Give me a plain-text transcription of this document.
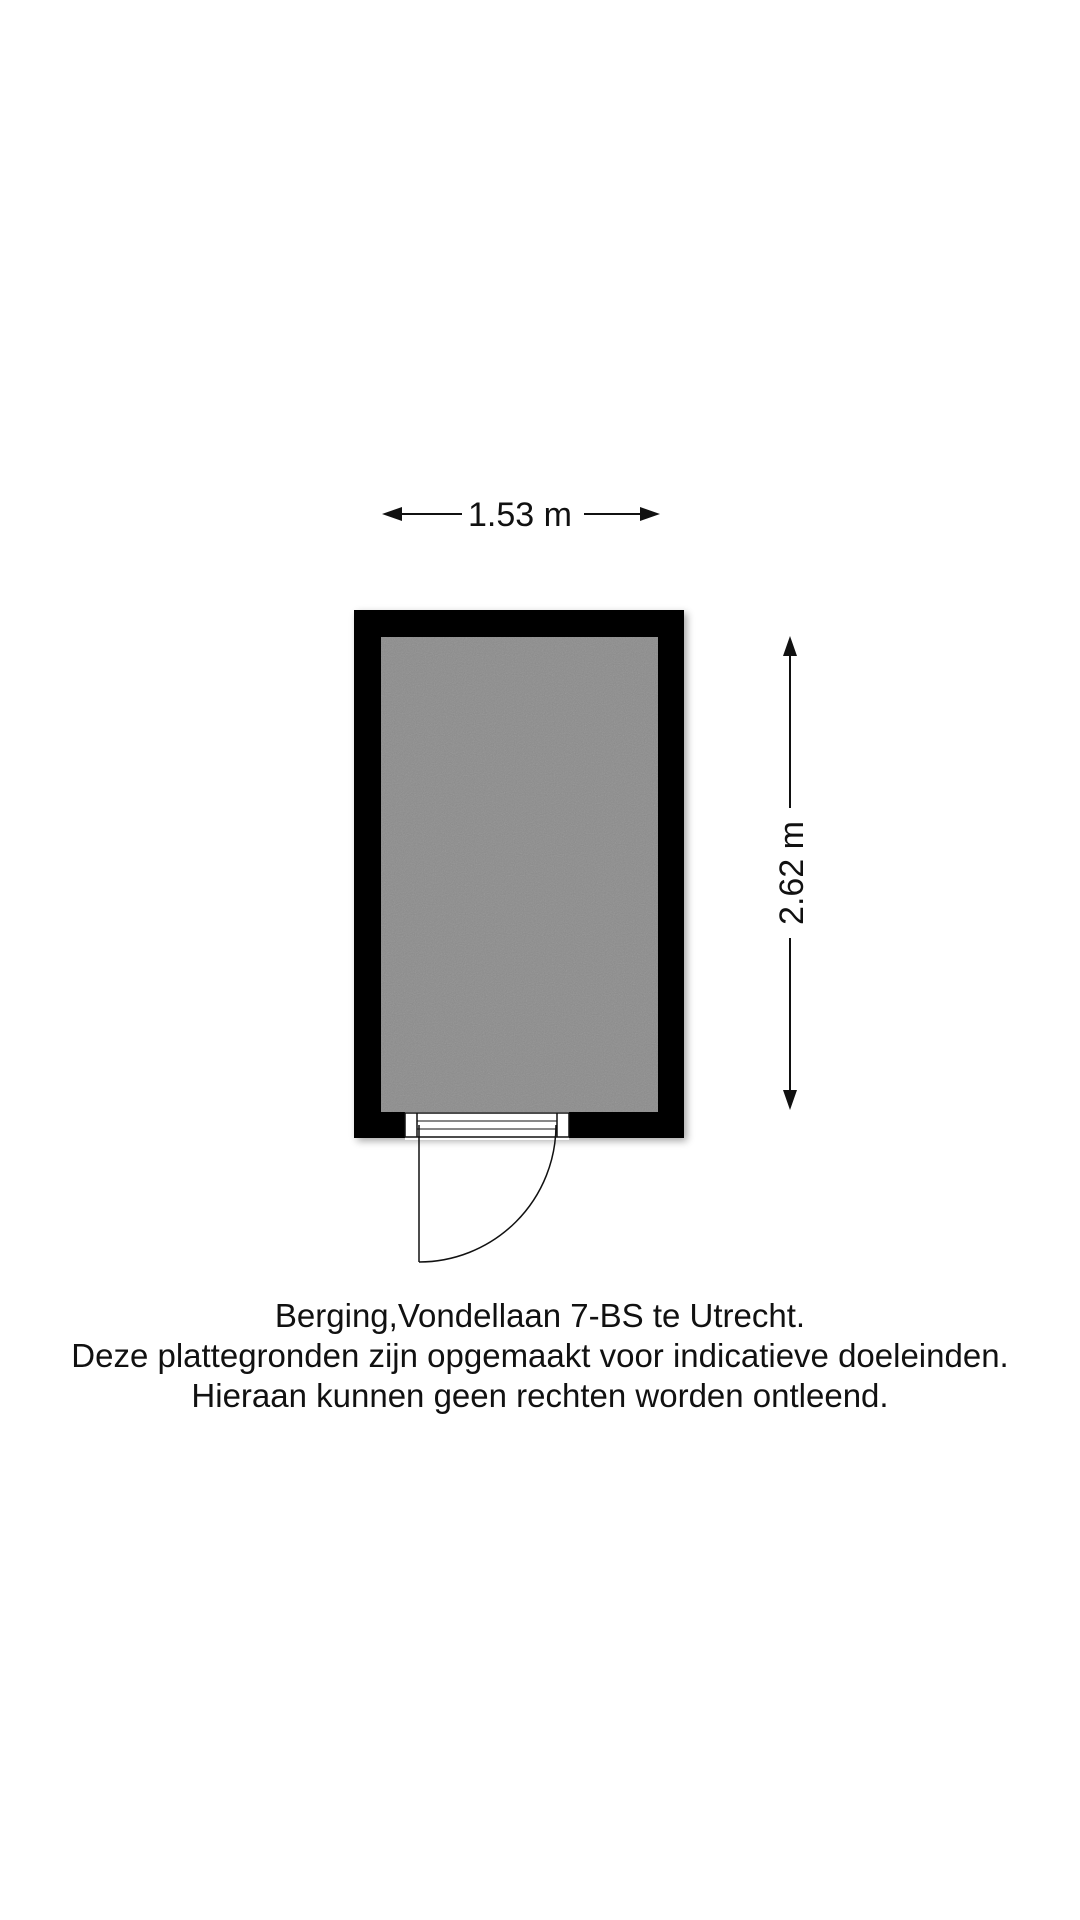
1.53 m
2.62 m
Berging,Vondellaan 7-BS te Utrecht.
Deze plattegronden zijn opgemaakt voor indicatieve doeleinden.
Hieraan kunnen geen rechten worden ontleend.
